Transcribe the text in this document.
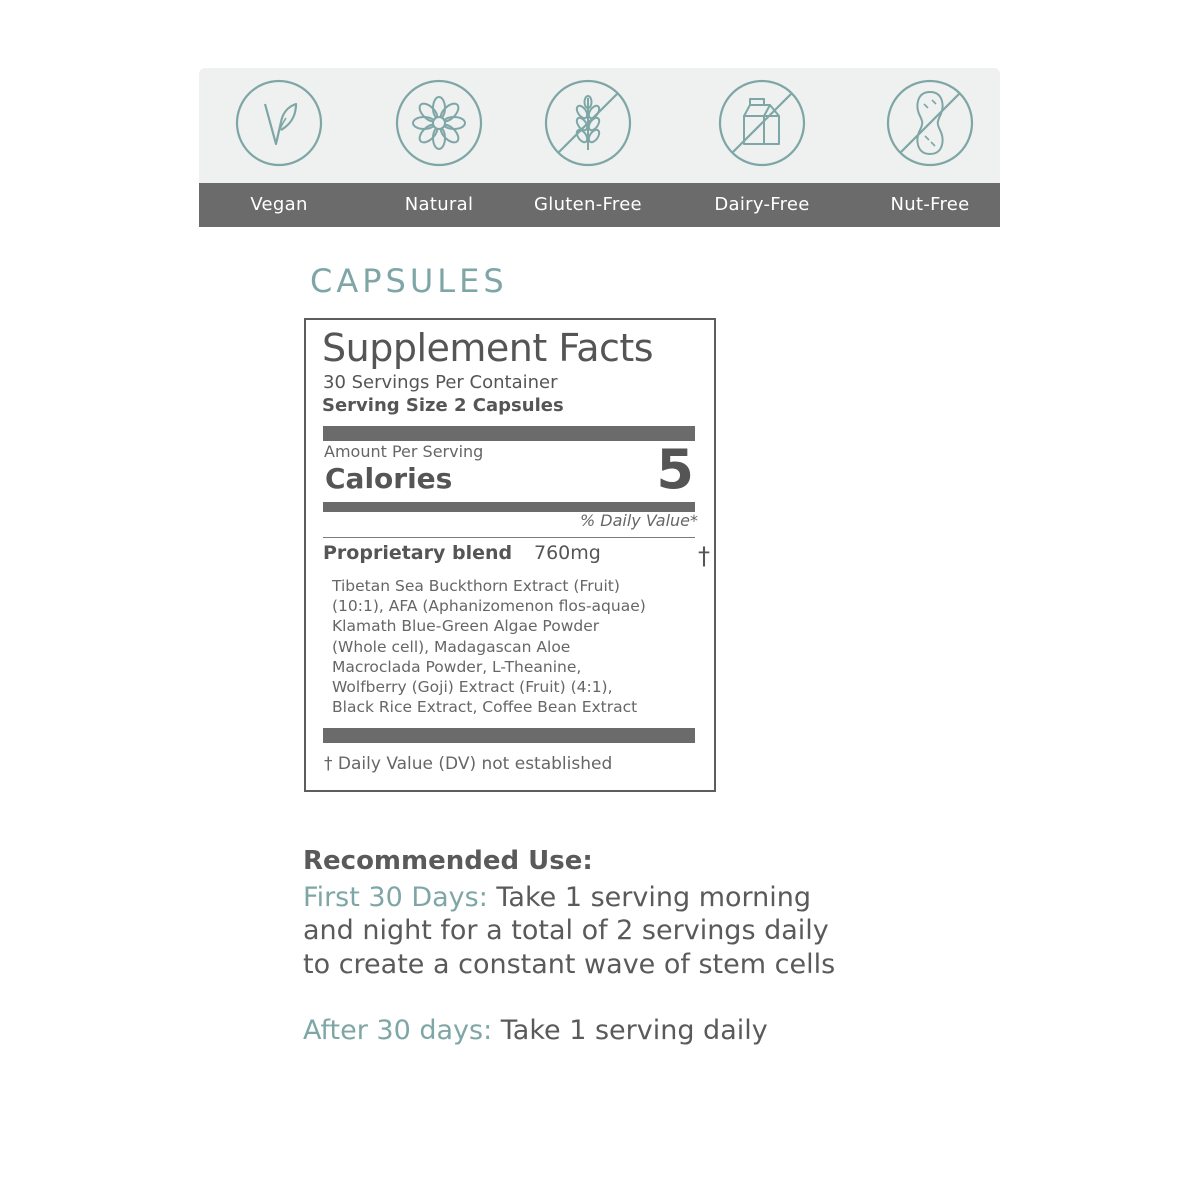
Vegan	Natural	Gluten-Free	Dairy-Free	Nut-Free
CAPSULES
Supplement Facts
30 Servings Per Container
Serving Size 2 Capsules
Amount Per Serving
Calories	5
% Daily Value*
Proprietary blend 760mg	†
Tibetan Sea Buckthorn Extract (Fruit)
(10:1), AFA (Aphanizomenon flos-aquae)
Klamath Blue-Green Algae Powder
(Whole cell), Madagascan Aloe
Macroclada Powder, L-Theanine,
Wolfberry (Goji) Extract (Fruit) (4:1),
Black Rice Extract, Coffee Bean Extract
† Daily Value (DV) not established
Recommended Use:
First 30 Days: Take 1 serving morning
and night for a total of 2 servings daily
to create a constant wave of stem cells
After 30 days: Take 1 serving daily
